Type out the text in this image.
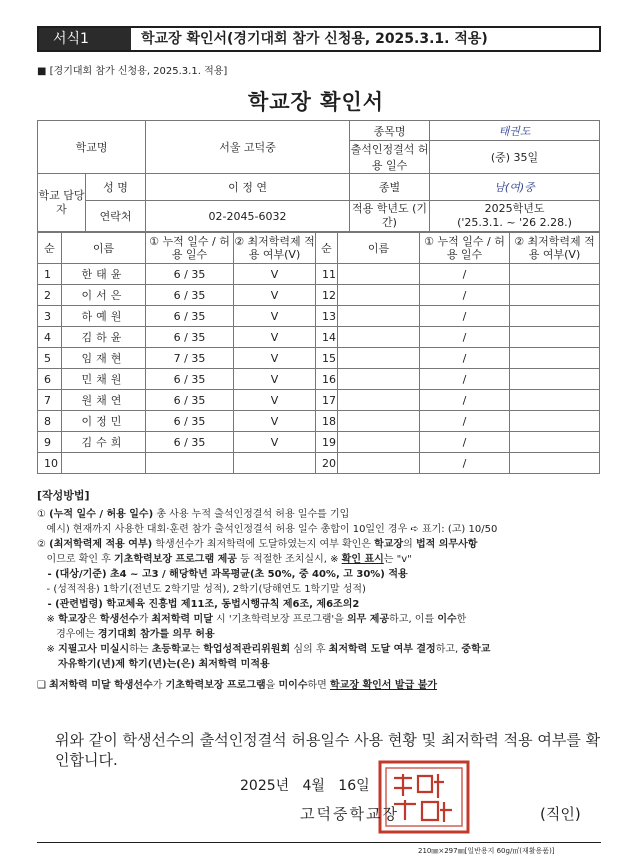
서식1	학교장 확인서(경기대회 참가 신청용, 2025.3.1. 적용)
■ [경기대회 참가 신청용, 2025.3.1. 적용]
학교장 확인서
학교명		서울 고덕중	종목명	태권도
			출석인정결석 허용 일수	(중) 35일

학교 담당자	성 명	이 정 연	종별	남(여)중
	연락처	02-2045-6032	적용 학년도 (기간)	2025학년도
('25.3.1. ~ '26 2.28.)
순	이름	① 누적 일수 / 허용 일수	② 최저학력제 적용 여부(V)	순	이름	① 누적 일수 / 허용 일수	② 최저학력제 적용 여부(V)
1	한태윤	6 / 35	V	11		/	
2	이서은	6 / 35	V	12		/	
3	하예원	6 / 35	V	13		/	
4	김하윤	6 / 35	V	14		/	
5	임재현	7 / 35	V	15		/	
6	민채원	6 / 35	V	16		/	
7	원채연	6 / 35	V	17		/	
8	이정민	6 / 35	V	18		/	
9	김수희	6 / 35	V	19		/	
10				20		/	
[작성방법]
① (누적 일수 / 허용 일수) 총 사용 누적 출석인정결석 허용 일수를 기입
예시) 현재까지 사용한 대회·훈련 참가 출석인정결석 허용 일수 총합이 10일인 경우 ➪ 표기: (고) 10/50
② (최저학력제 적용 여부) 학생선수가 최저학력에 도달하였는지 여부 확인은 학교장의 법적 의무사항
이므로 확인 후 기초학력보장 프로그램 제공 등 적절한 조치실시, ※ 확인 표시는 "v"
- (대상/기준) 초4 ~ 고3 / 해당학년 과목평균(초 50%, 중 40%, 고 30%) 적용
- (성적적용) 1학기(전년도 2학기말 성적), 2학기(당해연도 1학기말 성적)
- (관련법령) 학교체육 진흥법 제11조, 동법시행규칙 제6조, 제6조의2
※ 학교장은 학생선수가 최저학력 미달 시 '기초학력보장 프로그램'을 의무 제공하고, 이를 이수한
경우에는 경기대회 참가를 의무 허용
※ 지필고사 미실시하는 초등학교는 학업성적관리위원회 심의 후 최저학력 도달 여부 결정하고, 중학교
자유학기(년)제 학기(년)는(은) 최저학력 미적용
❑ 최저학력 미달 학생선수가 기초학력보장 프로그램을 미이수하면 학교장 확인서 발급 불가
위와 같이 학생선수의 출석인정결석 허용일수 사용 현황 및 최저학력 적용 여부를 확인합니다.
2025년   4월   16일
고덕중학교장	(직인)
210㎜×297㎜[일반용지 60g/㎡(재활용품)]
